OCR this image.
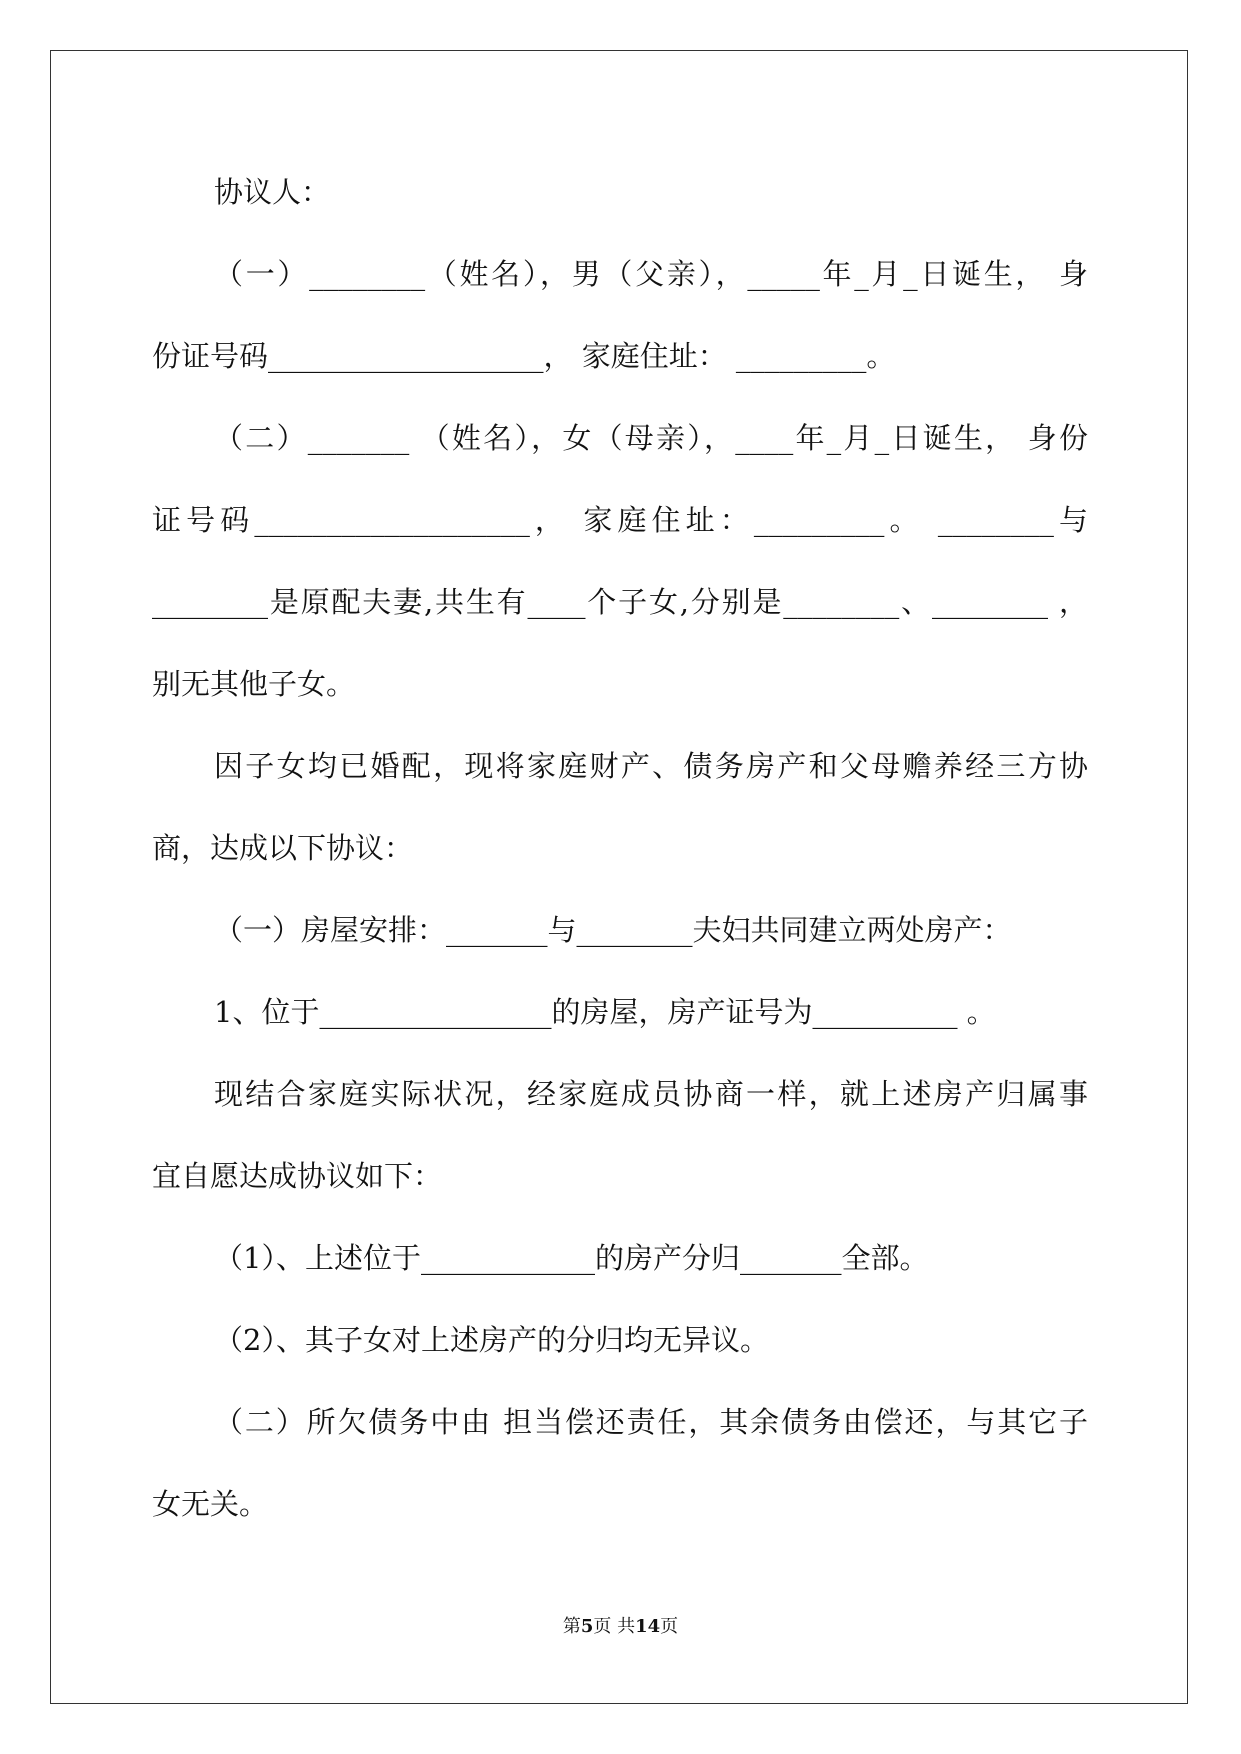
协议人：
（一）________（姓名），男（父亲），_____年_月_日诞生， 身
份证号码___________________， 家庭住址： _________。
（二）_______ （姓名），女（母亲），____年_月_日诞生， 身份
证号码___________________， 家庭住址：_________。 ________与
________是原配夫妻,共生有____个子女,分别是________、________ ，
别无其他子女。
因子女均已婚配，现将家庭财产、债务房产和父母赡养经三方协
商，达成以下协议：
（一）房屋安排：_______与________夫妇共同建立两处房产：
1、位于________________的房屋，房产证号为__________ 。
现结合家庭实际状况，经家庭成员协商一样，就上述房产归属事
宜自愿达成协议如下：
（1）、上述位于____________的房产分归_______全部。
（2）、其子女对上述房产的分归均无异议。
（二）所欠债务中由 担当偿还责任，其余债务由偿还，与其它子
女无关。
第5页 共14页
